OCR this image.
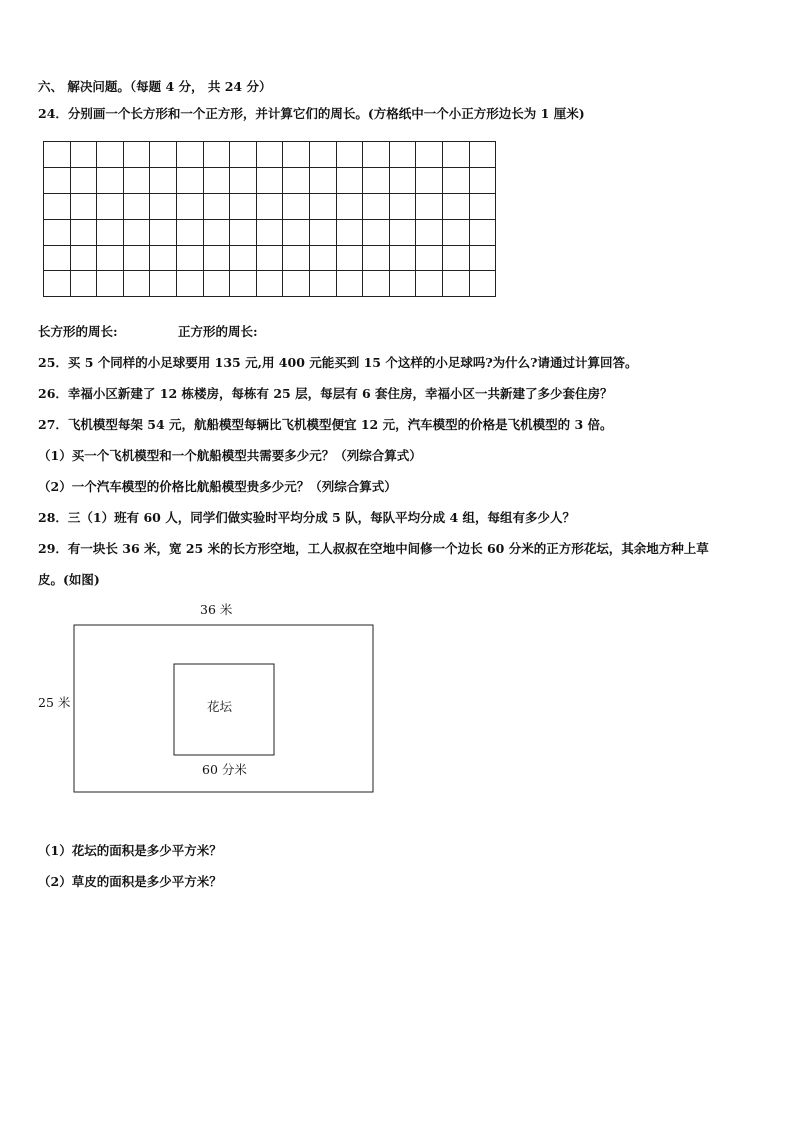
六、 解决问题。（每题 4 分， 共 24 分）
24．分别画一个长方形和一个正方形，并计算它们的周长。(方格纸中一个小正方形边长为 1 厘米)

长方形的周长:	正方形的周长:
25．买 5 个同样的小足球要用 135 元,用 400 元能买到 15 个这样的小足球吗?为什么?请通过计算回答。
26．幸福小区新建了 12 栋楼房，每栋有 25 层，每层有 6 套住房，幸福小区一共新建了多少套住房？
27．飞机模型每架 54 元，航船模型每辆比飞机模型便宜 12 元，汽车模型的价格是飞机模型的 3 倍。
（1）买一个飞机模型和一个航船模型共需要多少元？（列综合算式）
（2）一个汽车模型的价格比航船模型贵多少元？（列综合算式）
28．三（1）班有 60 人，同学们做实验时平均分成 5 队，每队平均分成 4 组，每组有多少人？
29．有一块长 36 米，宽 25 米的长方形空地，工人叔叔在空地中间修一个边长 60 分米的正方形花坛，其余地方种上草
皮。(如图)
36 米
25 米	花坛
60 分米
（1）花坛的面积是多少平方米？
（2）草皮的面积是多少平方米？
